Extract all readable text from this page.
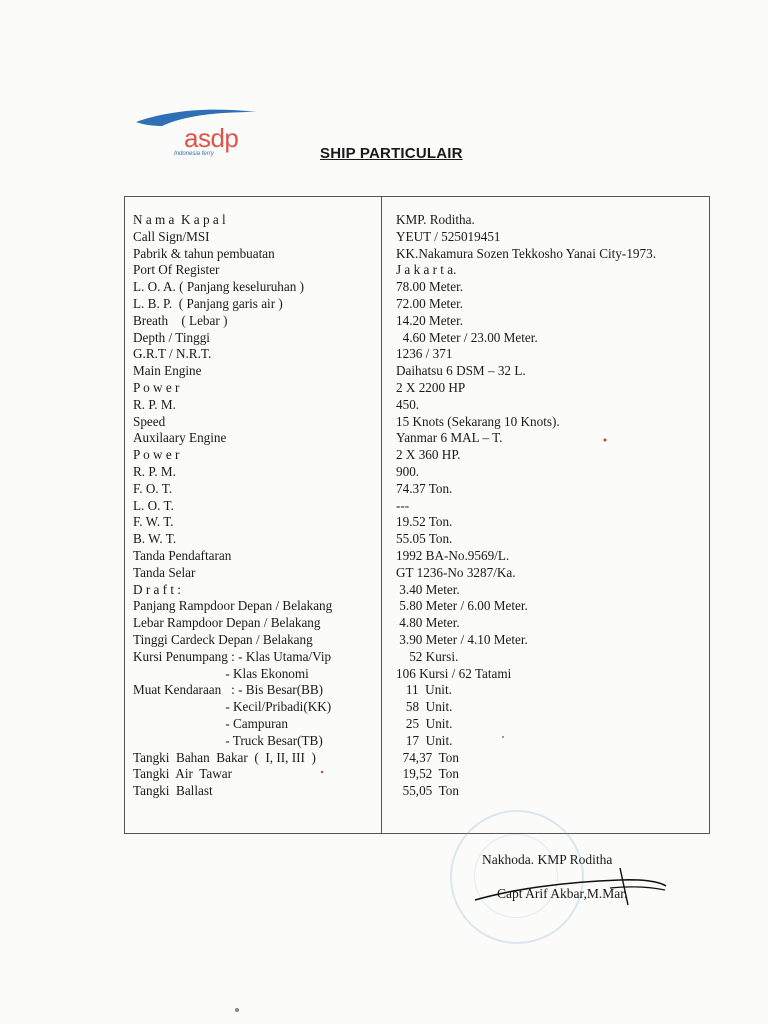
asdp
Indonesia ferry	SHIP PARTICULAIR
N a m a  K a p a l
Call Sign/MSI
Pabrik & tahun pembuatan
Port Of Register
L. O. A. ( Panjang keseluruhan )
L. B. P.  ( Panjang garis air )
Breath    ( Lebar )
Depth / Tinggi
G.R.T / N.R.T.
Main Engine
P o w e r
R. P. M.
Speed
Auxilaary Engine
P o w e r
R. P. M.
F. O. T.
L. O. T.
F. W. T.
B. W. T.
Tanda Pendaftaran
Tanda Selar
D r a f t :
Panjang Rampdoor Depan / Belakang
Lebar Rampdoor Depan / Belakang
Tinggi Cardeck Depan / Belakang
Kursi Penumpang : - Klas Utama/Vip
- Klas Ekonomi
Muat Kendaraan   : - Bis Besar(BB)
- Kecil/Pribadi(KK)
- Campuran
- Truck Besar(TB)
Tangki  Bahan  Bakar  (  I, II, III  )
Tangki  Air  Tawar
Tangki  Ballast
KMP. Roditha.
YEUT / 525019451
KK.Nakamura Sozen Tekkosho Yanai City-1973.
J a k a r t a.
78.00 Meter.
72.00 Meter.
14.20 Meter.
4.60 Meter / 23.00 Meter.
1236 / 371
Daihatsu 6 DSM – 32 L.
2 X 2200 HP
450.
15 Knots (Sekarang 10 Knots).
Yanmar 6 MAL – T.
2 X 360 HP.
900.
74.37 Ton.
---
19.52 Ton.
55.05 Ton.
1992 BA-No.9569/L.
GT 1236-No 3287/Ka.
3.40 Meter.
5.80 Meter / 6.00 Meter.
4.80 Meter.
3.90 Meter / 4.10 Meter.
52 Kursi.
106 Kursi / 62 Tatami
11  Unit.
58  Unit.
25  Unit.
17  Unit.
74,37  Ton
19,52  Ton
55,05  Ton
Nakhoda. KMP Roditha
Capt Arif Akbar,M.Mar.
